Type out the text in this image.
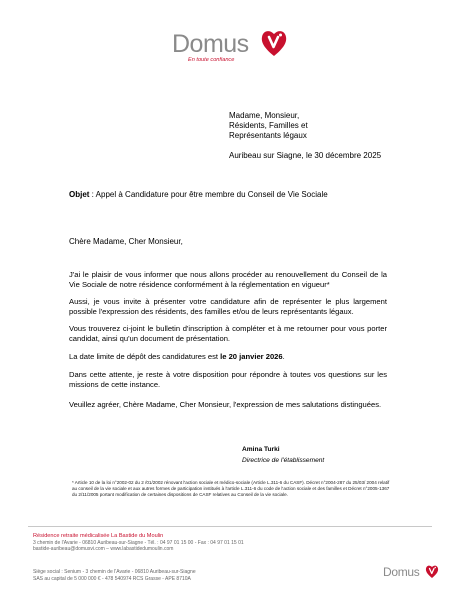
Domus
En toute confiance
Madame, Monsieur,
Résidents, Familles et
Représentants légaux
Auribeau sur Siagne, le 30 décembre 2025
Objet : Appel à Candidature pour être membre du Conseil de Vie Sociale
Chère Madame, Cher Monsieur,
J'ai le plaisir de vous informer que nous allons procéder au renouvellement du Conseil de la Vie Sociale de notre résidence conformément à la réglementation en vigueur*
Aussi, je vous invite à présenter votre candidature afin de représenter le plus largement possible l'expression des résidents, des familles et/ou de leurs représentants légaux.
Vous trouverez ci-joint le bulletin d'inscription à compléter et à me retourner pour vous porter candidat, ainsi qu'un document de présentation.
La date limite de dépôt des candidatures est le 20 janvier 2026.
Dans cette attente, je reste à votre disposition pour répondre à toutes vos questions sur les missions de cette instance.
Veuillez agréer, Chère Madame, Cher Monsieur, l'expression de mes salutations distinguées.
Amina Turki
Directrice de l'établissement
* Article 10 de la loi n°2002-02 du 2 /01/2002 rénovant l'action sociale et médico-sociale (Article L.311-6 du CASF). Décret n°2004-287 du 25/03/ 2004 relatif au conseil de la vie sociale et aux autres formes de participation institués à l'article L.311-6 du code de l'action sociale et des familles et Décret n°2005-1367 du 2/11/2005 portant modification de certaines dispositions de CASF relatives au Conseil de la vie sociale.
Résidence retraite médicalisée La Bastide du Moulin
3 chemin de l'Avarie - 06810 Auribeau-sur-Siagne - Tél. : 04 97 01 15 00 - Fax : 04 97 01 15 01
bastide-auribeau@domusvi.com – www.labastidedumoulin.com
Siège social : Senium - 3 chemin de l'Avarie - 06810 Auribeau-sur-Siagne
SAS au capital de 5 000 000 € - 478 540974 RCS Grasse - APE 8710A	Domus
